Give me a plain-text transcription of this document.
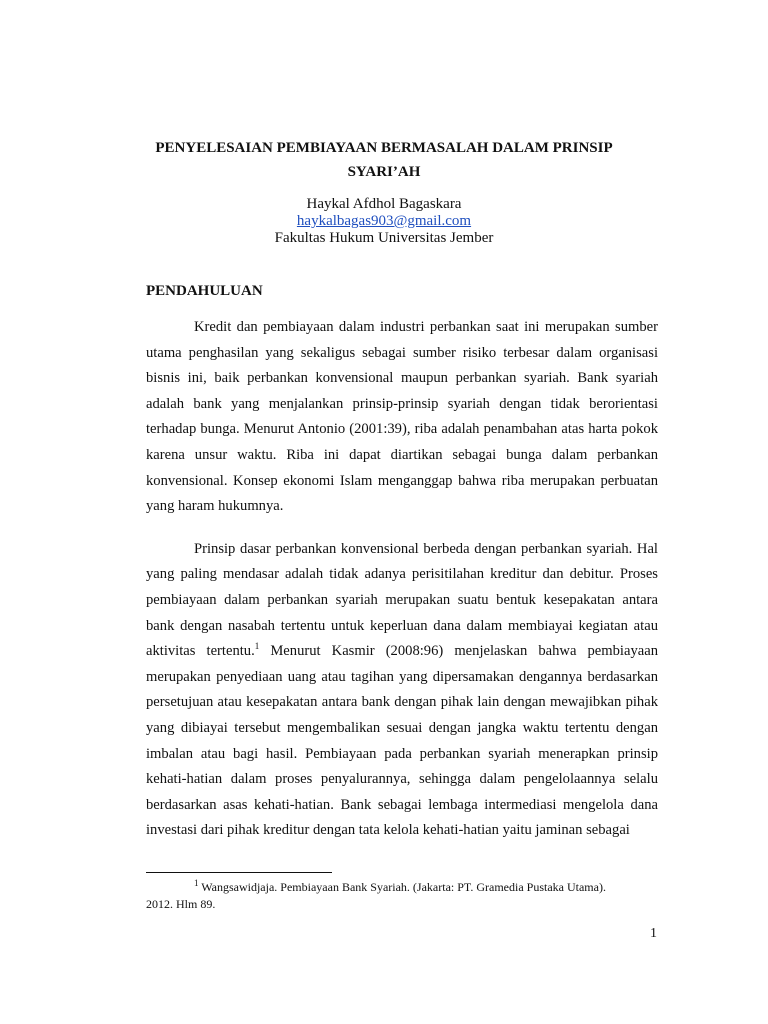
PENYELESAIAN PEMBIAYAAN BERMASALAH DALAM PRINSIP
SYARI’AH
Haykal Afdhol Bagaskara
haykalbagas903@gmail.com
Fakultas Hukum Universitas Jember
PENDAHULUAN

Kredit dan pembiayaan dalam industri perbankan saat ini merupakan sumber utama penghasilan yang sekaligus sebagai sumber risiko terbesar dalam organisasi bisnis ini, baik perbankan konvensional maupun perbankan syariah. Bank syariah adalah bank yang menjalankan prinsip-prinsip syariah dengan tidak berorientasi terhadap bunga. Menurut Antonio (2001:39), riba adalah penambahan atas harta pokok karena unsur waktu. Riba ini dapat diartikan sebagai bunga dalam perbankan konvensional. Konsep ekonomi Islam menganggap bahwa riba merupakan perbuatan yang haram hukumnya.

Prinsip dasar perbankan konvensional berbeda dengan perbankan syariah. Hal yang paling mendasar adalah tidak adanya perisitilahan kreditur dan debitur. Proses pembiayaan dalam perbankan syariah merupakan suatu bentuk kesepakatan antara bank dengan nasabah tertentu untuk keperluan dana dalam membiayai kegiatan atau aktivitas tertentu.$^1$ Menurut Kasmir (2008:96) menjelaskan bahwa pembiayaan merupakan penyediaan uang atau tagihan yang dipersamakan dengannya berdasarkan persetujuan atau kesepakatan antara bank dengan pihak lain dengan mewajibkan pihak yang dibiayai tersebut mengembalikan sesuai dengan jangka waktu tertentu dengan imbalan atau bagi hasil. Pembiayaan pada perbankan syariah menerapkan prinsip kehati-hatian dalam proses penyalurannya, sehingga dalam pengelolaannya selalu berdasarkan asas kehati-hatian. Bank sebagai lembaga intermediasi mengelola dana investasi dari pihak kreditur dengan tata kelola kehati-hatian yaitu jaminan sebagai

$^1$ Wangsawidjaja. Pembiayaan Bank Syariah. (Jakarta: PT. Gramedia Pustaka Utama).
2012. Hlm 89.
1
